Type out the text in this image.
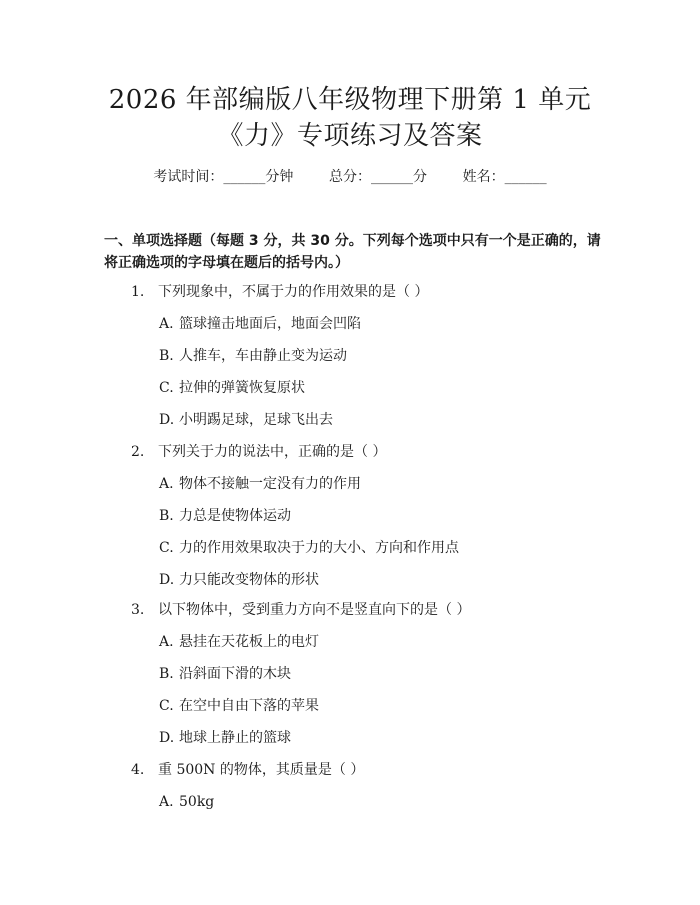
2026 年部编版八年级物理下册第 1 单元
《力》专项练习及答案
考试时间：______分钟	总分：______分	姓名：______
一、单项选择题（每题 3 分，共 30 分。下列每个选项中只有一个是正确的，请将正确选项的字母填在题后的括号内。）
1. 下列现象中，不属于力的作用效果的是（ ）
A. 篮球撞击地面后，地面会凹陷
B. 人推车，车由静止变为运动
C. 拉伸的弹簧恢复原状
D. 小明踢足球，足球飞出去
2. 下列关于力的说法中，正确的是（ ）
A. 物体不接触一定没有力的作用
B. 力总是使物体运动
C. 力的作用效果取决于力的大小、方向和作用点
D. 力只能改变物体的形状
3. 以下物体中，受到重力方向不是竖直向下的是（ ）
A. 悬挂在天花板上的电灯
B. 沿斜面下滑的木块
C. 在空中自由下落的苹果
D. 地球上静止的篮球
4. 重 500N 的物体，其质量是（ ）
A. 50kg
